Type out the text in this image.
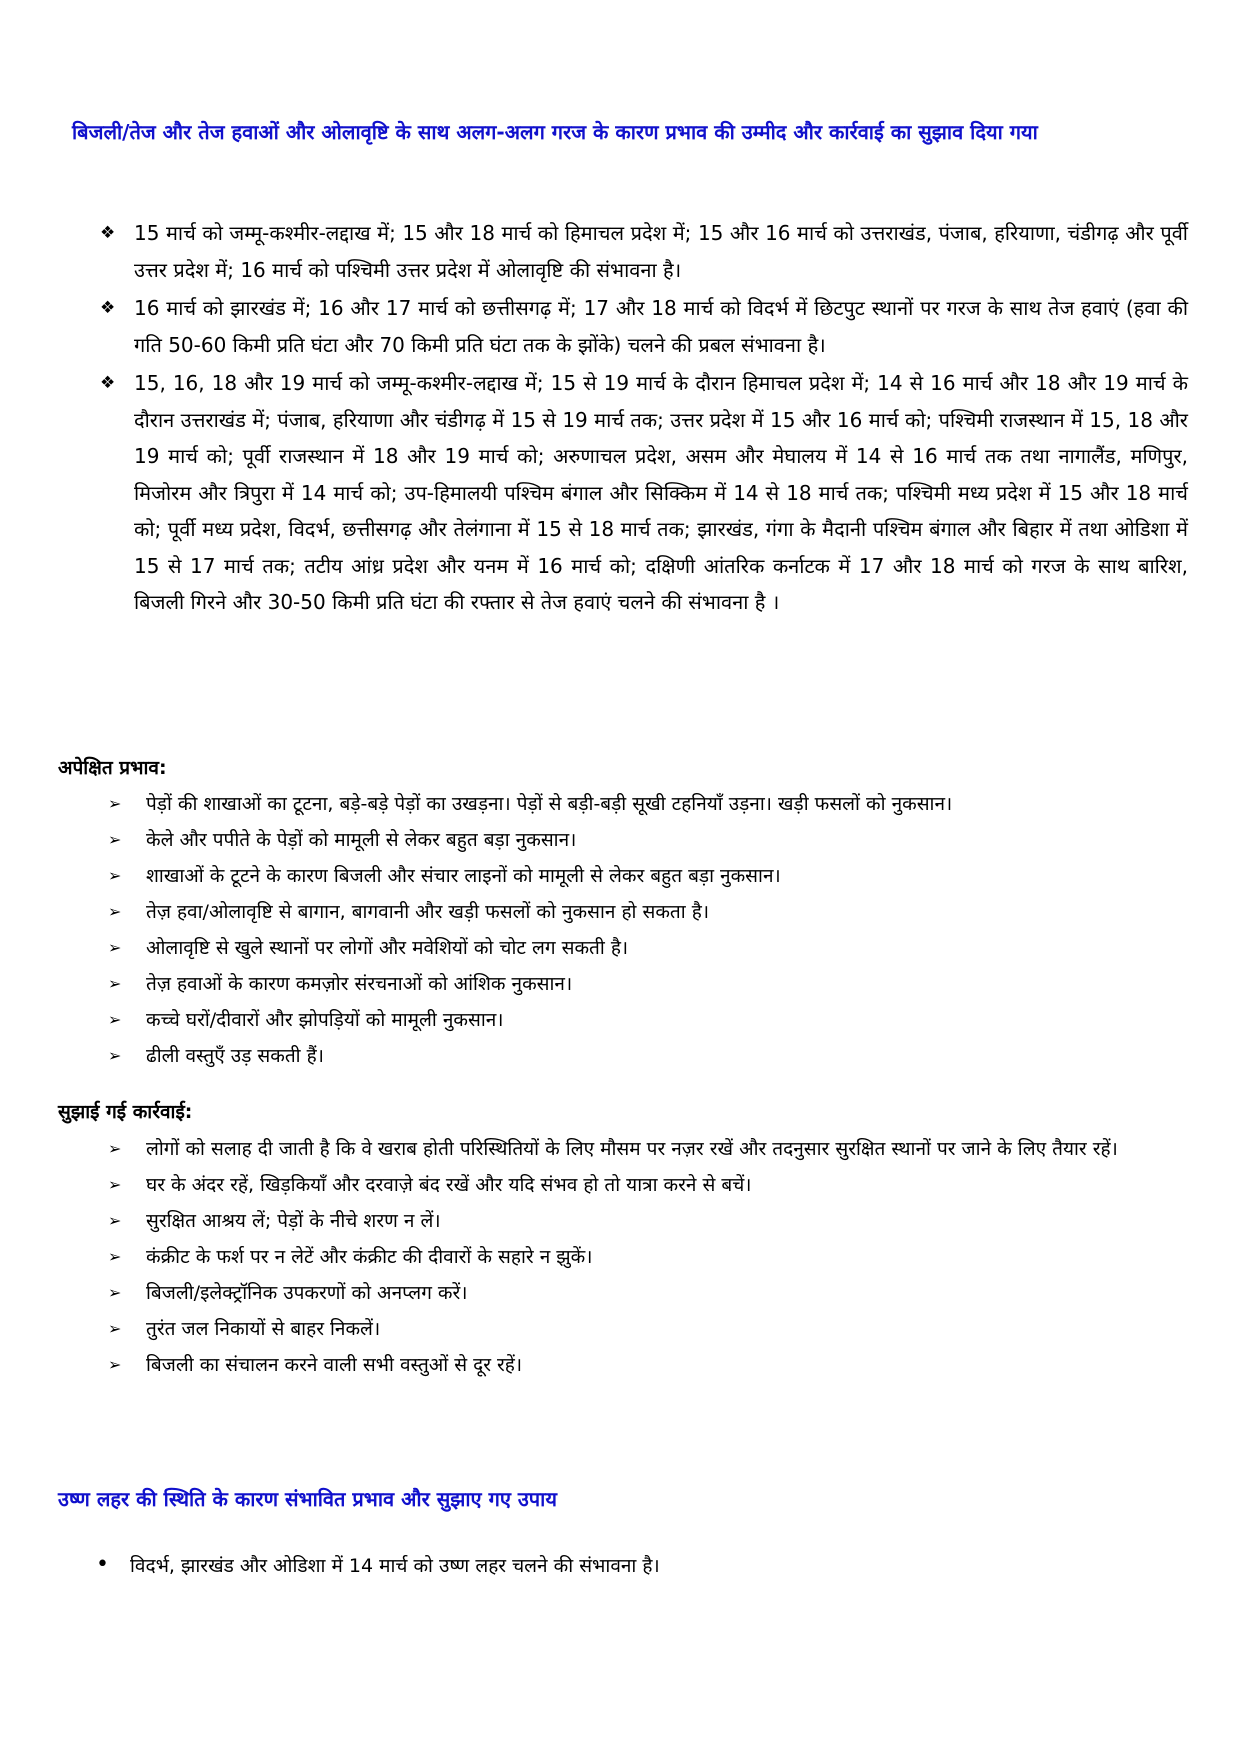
बिजली/तेज और तेज हवाओं और ओलावृष्टि के साथ अलग-अलग गरज के कारण प्रभाव की उम्मीद और कार्रवाई का सुझाव दिया गया
❖ 15 मार्च को जम्मू-कश्मीर-लद्दाख में; 15 और 18 मार्च को हिमाचल प्रदेश में; 15 और 16 मार्च को उत्तराखंड, पंजाब, हरियाणा, चंडीगढ़ और पूर्वी उत्तर प्रदेश में; 16 मार्च को पश्चिमी उत्तर प्रदेश में ओलावृष्टि की संभावना है।
❖ 16 मार्च को झारखंड में; 16 और 17 मार्च को छत्तीसगढ़ में; 17 और 18 मार्च को विदर्भ में छिटपुट स्थानों पर गरज के साथ तेज हवाएं (हवा की गति 50-60 किमी प्रति घंटा और 70 किमी प्रति घंटा तक के झोंके) चलने की प्रबल संभावना है।
❖ 15, 16, 18 और 19 मार्च को जम्मू-कश्मीर-लद्दाख में; 15 से 19 मार्च के दौरान हिमाचल प्रदेश में; 14 से 16 मार्च और 18 और 19 मार्च के दौरान उत्तराखंड में; पंजाब, हरियाणा और चंडीगढ़ में 15 से 19 मार्च तक; उत्तर प्रदेश में 15 और 16 मार्च को; पश्चिमी राजस्थान में 15, 18 और 19 मार्च को; पूर्वी राजस्थान में 18 और 19 मार्च को; अरुणाचल प्रदेश, असम और मेघालय में 14 से 16 मार्च तक तथा नागालैंड, मणिपुर, मिजोरम और त्रिपुरा में 14 मार्च को; उप-हिमालयी पश्चिम बंगाल और सिक्किम में 14 से 18 मार्च तक; पश्चिमी मध्य प्रदेश में 15 और 18 मार्च को; पूर्वी मध्य प्रदेश, विदर्भ, छत्तीसगढ़ और तेलंगाना में 15 से 18 मार्च तक; झारखंड, गंगा के मैदानी पश्चिम बंगाल और बिहार में तथा ओडिशा में 15 से 17 मार्च तक; तटीय आंध्र प्रदेश और यनम में 16 मार्च को; दक्षिणी आंतरिक कर्नाटक में 17 और 18 मार्च को गरज के साथ बारिश, बिजली गिरने और 30-50 किमी प्रति घंटा की रफ्तार से तेज हवाएं चलने की संभावना है ।
अपेक्षित प्रभाव:
➢ पेड़ों की शाखाओं का टूटना, बड़े-बड़े पेड़ों का उखड़ना। पेड़ों से बड़ी-बड़ी सूखी टहनियाँ उड़ना। खड़ी फसलों को नुकसान।
➢ केले और पपीते के पेड़ों को मामूली से लेकर बहुत बड़ा नुकसान।
➢ शाखाओं के टूटने के कारण बिजली और संचार लाइनों को मामूली से लेकर बहुत बड़ा नुकसान।
➢ तेज़ हवा/ओलावृष्टि से बागान, बागवानी और खड़ी फसलों को नुकसान हो सकता है।
➢ ओलावृष्टि से खुले स्थानों पर लोगों और मवेशियों को चोट लग सकती है।
➢ तेज़ हवाओं के कारण कमज़ोर संरचनाओं को आंशिक नुकसान।
➢ कच्चे घरों/दीवारों और झोपड़ियों को मामूली नुकसान।
➢ ढीली वस्तुएँ उड़ सकती हैं।
सुझाई गई कार्रवाई:
➢ लोगों को सलाह दी जाती है कि वे खराब होती परिस्थितियों के लिए मौसम पर नज़र रखें और तदनुसार सुरक्षित स्थानों पर जाने के लिए तैयार रहें।
➢ घर के अंदर रहें, खिड़कियाँ और दरवाज़े बंद रखें और यदि संभव हो तो यात्रा करने से बचें।
➢ सुरक्षित आश्रय लें; पेड़ों के नीचे शरण न लें।
➢ कंक्रीट के फर्श पर न लेटें और कंक्रीट की दीवारों के सहारे न झुकें।
➢ बिजली/इलेक्ट्रॉनिक उपकरणों को अनप्लग करें।
➢ तुरंत जल निकायों से बाहर निकलें।
➢ बिजली का संचालन करने वाली सभी वस्तुओं से दूर रहें।
उष्ण लहर की स्थिति के कारण संभावित प्रभाव और सुझाए गए उपाय
• विदर्भ, झारखंड और ओडिशा में 14 मार्च को उष्ण लहर चलने की संभावना है।
